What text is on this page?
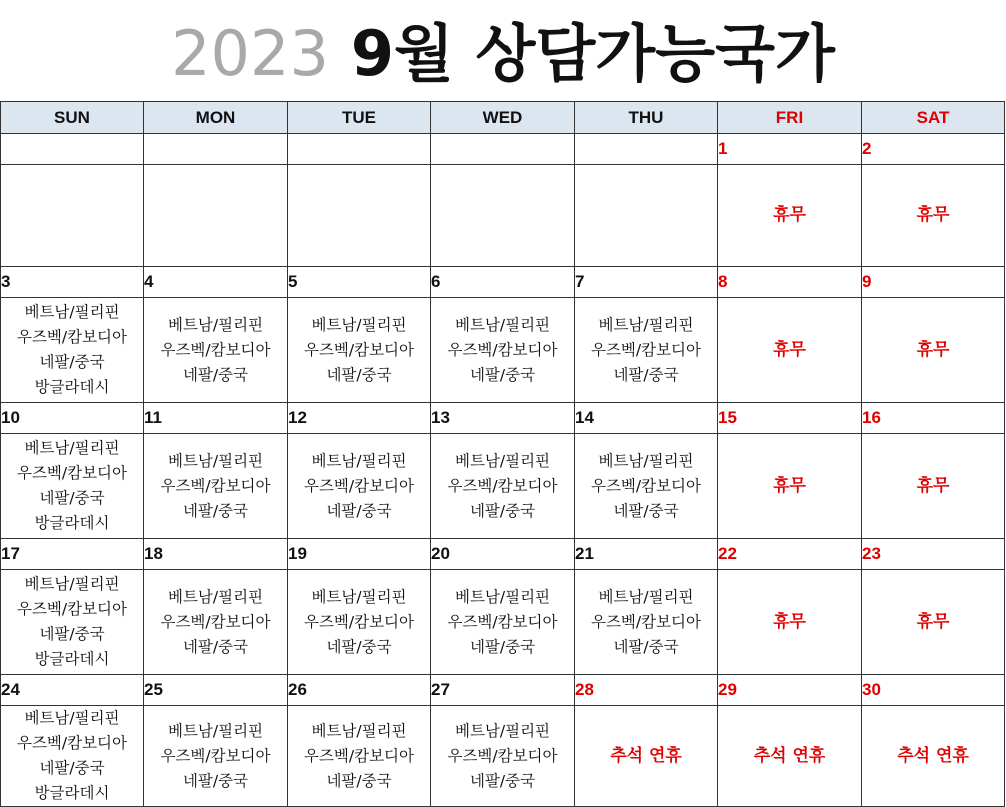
2023 9월 상담가능국가
SUN	MON	TUE	WED	THU	FRI	SAT
					1	2

					휴무	휴무

3	4	5	6	7	8	9

베트남/필리핀
우즈벡/캄보디아
네팔/중국
방글라데시	베트남/필리핀
우즈벡/캄보디아
네팔/중국	베트남/필리핀
우즈벡/캄보디아
네팔/중국	베트남/필리핀
우즈벡/캄보디아
네팔/중국	베트남/필리핀
우즈벡/캄보디아
네팔/중국	휴무	휴무

10	11	12	13	14	15	16

베트남/필리핀
우즈벡/캄보디아
네팔/중국
방글라데시	베트남/필리핀
우즈벡/캄보디아
네팔/중국	베트남/필리핀
우즈벡/캄보디아
네팔/중국	베트남/필리핀
우즈벡/캄보디아
네팔/중국	베트남/필리핀
우즈벡/캄보디아
네팔/중국	휴무	휴무

17	18	19	20	21	22	23

베트남/필리핀
우즈벡/캄보디아
네팔/중국
방글라데시	베트남/필리핀
우즈벡/캄보디아
네팔/중국	베트남/필리핀
우즈벡/캄보디아
네팔/중국	베트남/필리핀
우즈벡/캄보디아
네팔/중국	베트남/필리핀
우즈벡/캄보디아
네팔/중국	휴무	휴무

24	25	26	27	28	29	30

베트남/필리핀
우즈벡/캄보디아
네팔/중국
방글라데시	베트남/필리핀
우즈벡/캄보디아
네팔/중국	베트남/필리핀
우즈벡/캄보디아
네팔/중국	베트남/필리핀
우즈벡/캄보디아
네팔/중국	추석 연휴	추석 연휴	추석 연휴
